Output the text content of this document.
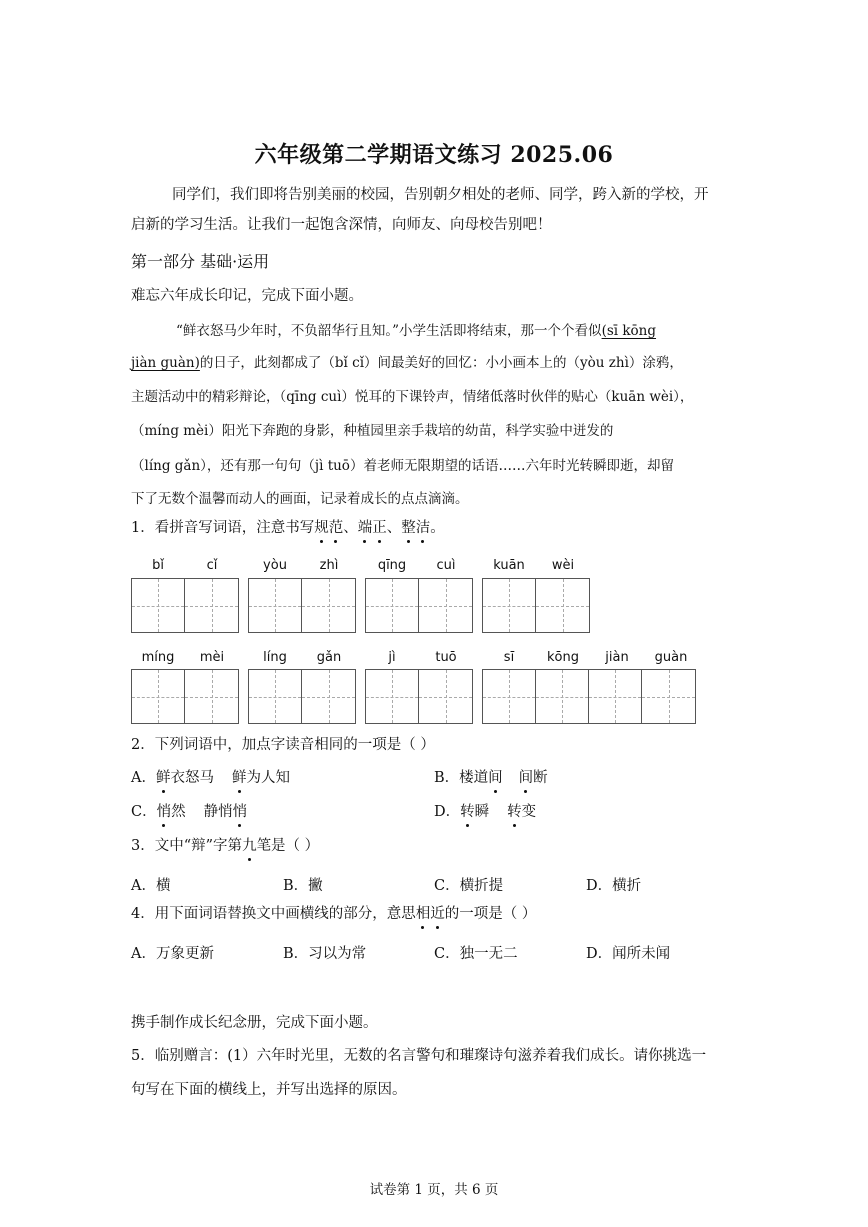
六年级第二学期语文练习 2025.06
同学们，我们即将告别美丽的校园，告别朝夕相处的老师、同学，跨入新的学校，开
启新的学习生活。让我们一起饱含深情，向师友、向母校告别吧！
第一部分 基础·运用
难忘六年成长印记，完成下面小题。
“鲜衣怒马少年时，不负韶华行且知。”小学生活即将结束，那一个个看似(sī kōng
jiàn guàn)的日子，此刻都成了（bǐ cǐ）间最美好的回忆：小小画本上的（yòu zhì）涂鸦，
主题活动中的精彩辩论，（qīng cuì）悦耳的下课铃声，情绪低落时伙伴的贴心（kuān wèi），
（míng mèi）阳光下奔跑的身影，种植园里亲手栽培的幼苗，科学实验中迸发的
（líng gǎn），还有那一句句（jì tuō）着老师无限期望的话语……六年时光转瞬即逝，却留
下了无数个温馨而动人的画面，记录着成长的点点滴滴。
1．看拼音写词语，注意书写规范、端正、整洁。
bǐ	cǐ	yòu	zhì	qīng	cuì	kuān	wèi
míng	mèi	líng	gǎn	jì	tuō	sī	kōng	jiàn	guàn
2．下列词语中，加点字读音相同的一项是（ ）
A．鲜衣怒马 鲜为人知	B．楼道间 间断
C．悄然 静悄悄	D．转瞬 转变
3．文中“辩”字第九笔是（ ）
A．横	B．撇	C．横折提	D．横折
4．用下面词语替换文中画横线的部分，意思相近的一项是（ ）
A．万象更新	B．习以为常	C．独一无二	D．闻所未闻
携手制作成长纪念册，完成下面小题。
5．临别赠言：(1）六年时光里，无数的名言警句和璀璨诗句滋养着我们成长。请你挑选一
句写在下面的横线上，并写出选择的原因。
试卷第 1 页，共 6 页
